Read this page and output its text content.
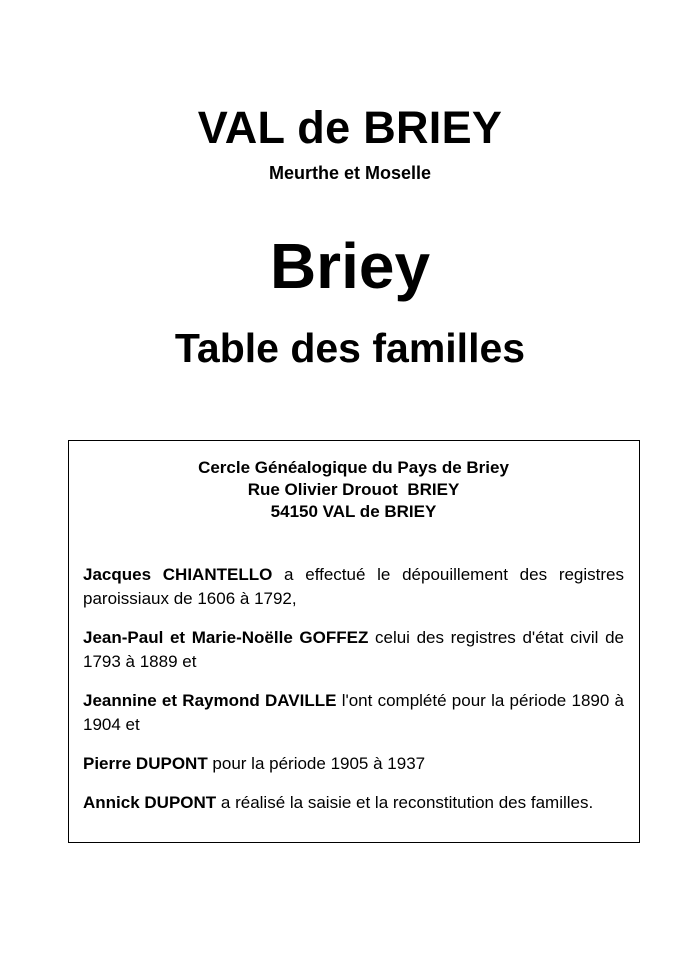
VAL de BRIEY
Meurthe et Moselle
Briey
Table des familles
Cercle Généalogique du Pays de Briey
Rue Olivier Drouot  BRIEY
54150 VAL de BRIEY

Jacques CHIANTELLO a effectué le dépouillement des registres paroissiaux de 1606 à 1792,

Jean-Paul et Marie-Noëlle GOFFEZ celui des registres d'état civil de 1793 à 1889 et

Jeannine et Raymond DAVILLE l'ont complété pour la période 1890 à 1904 et

Pierre DUPONT pour la période 1905 à 1937

Annick DUPONT a réalisé la saisie et la reconstitution des familles.
